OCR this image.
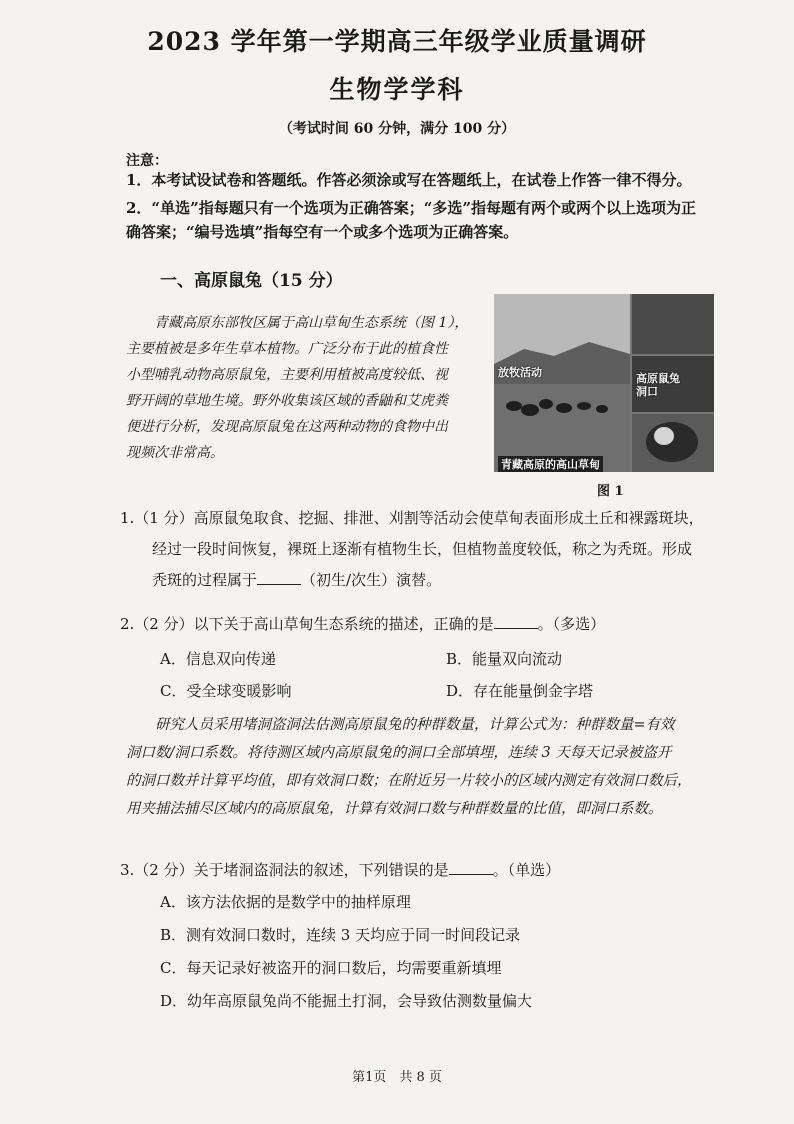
2023 学年第一学期高三年级学业质量调研
生物学学科
（考试时间 60 分钟，满分 100 分）
注意：
1．本考试设试卷和答题纸。作答必须涂或写在答题纸上，在试卷上作答一律不得分。
2．“单选”指每题只有一个选项为正确答案；“多选”指每题有两个或两个以上选项为正
确答案；“编号选填”指每空有一个或多个选项为正确答案。
一、高原鼠兔（15 分）
青藏高原东部牧区属于高山草甸生态系统（图 1），
主要植被是多年生草本植物。广泛分布于此的植食性
小型哺乳动物高原鼠兔，主要利用植被高度较低、视
野开阔的草地生境。野外收集该区域的香鼬和艾虎粪
便进行分析，发现高原鼠兔在这两种动物的食物中出
现频次非常高。
放牧活动	高原鼠兔洞口
青藏高原的高山草甸
图 1
1.（1 分）高原鼠兔取食、挖掘、排泄、刈割等活动会使草甸表面形成土丘和裸露斑块，
经过一段时间恢复，裸斑上逐渐有植物生长，但植物盖度较低，称之为秃斑。形成
秃斑的过程属于	（初生/次生）演替。
2.（2 分）以下关于高山草甸生态系统的描述，正确的是	。（多选）
A．信息双向传递	B．能量双向流动
C．受全球变暖影响	D．存在能量倒金字塔
研究人员采用堵洞盗洞法估测高原鼠兔的种群数量，计算公式为：种群数量=有效
洞口数/洞口系数。将待测区域内高原鼠兔的洞口全部填埋，连续 3 天每天记录被盗开
的洞口数并计算平均值，即有效洞口数；在附近另一片较小的区域内测定有效洞口数后，
用夹捕法捕尽区域内的高原鼠兔，计算有效洞口数与种群数量的比值，即洞口系数。
3.（2 分）关于堵洞盗洞法的叙述，下列错误的是	。（单选）
A．该方法依据的是数学中的抽样原理
B．测有效洞口数时，连续 3 天均应于同一时间段记录
C．每天记录好被盗开的洞口数后，均需要重新填埋
D．幼年高原鼠兔尚不能掘土打洞，会导致估测数量偏大
第1页　共 8 页
